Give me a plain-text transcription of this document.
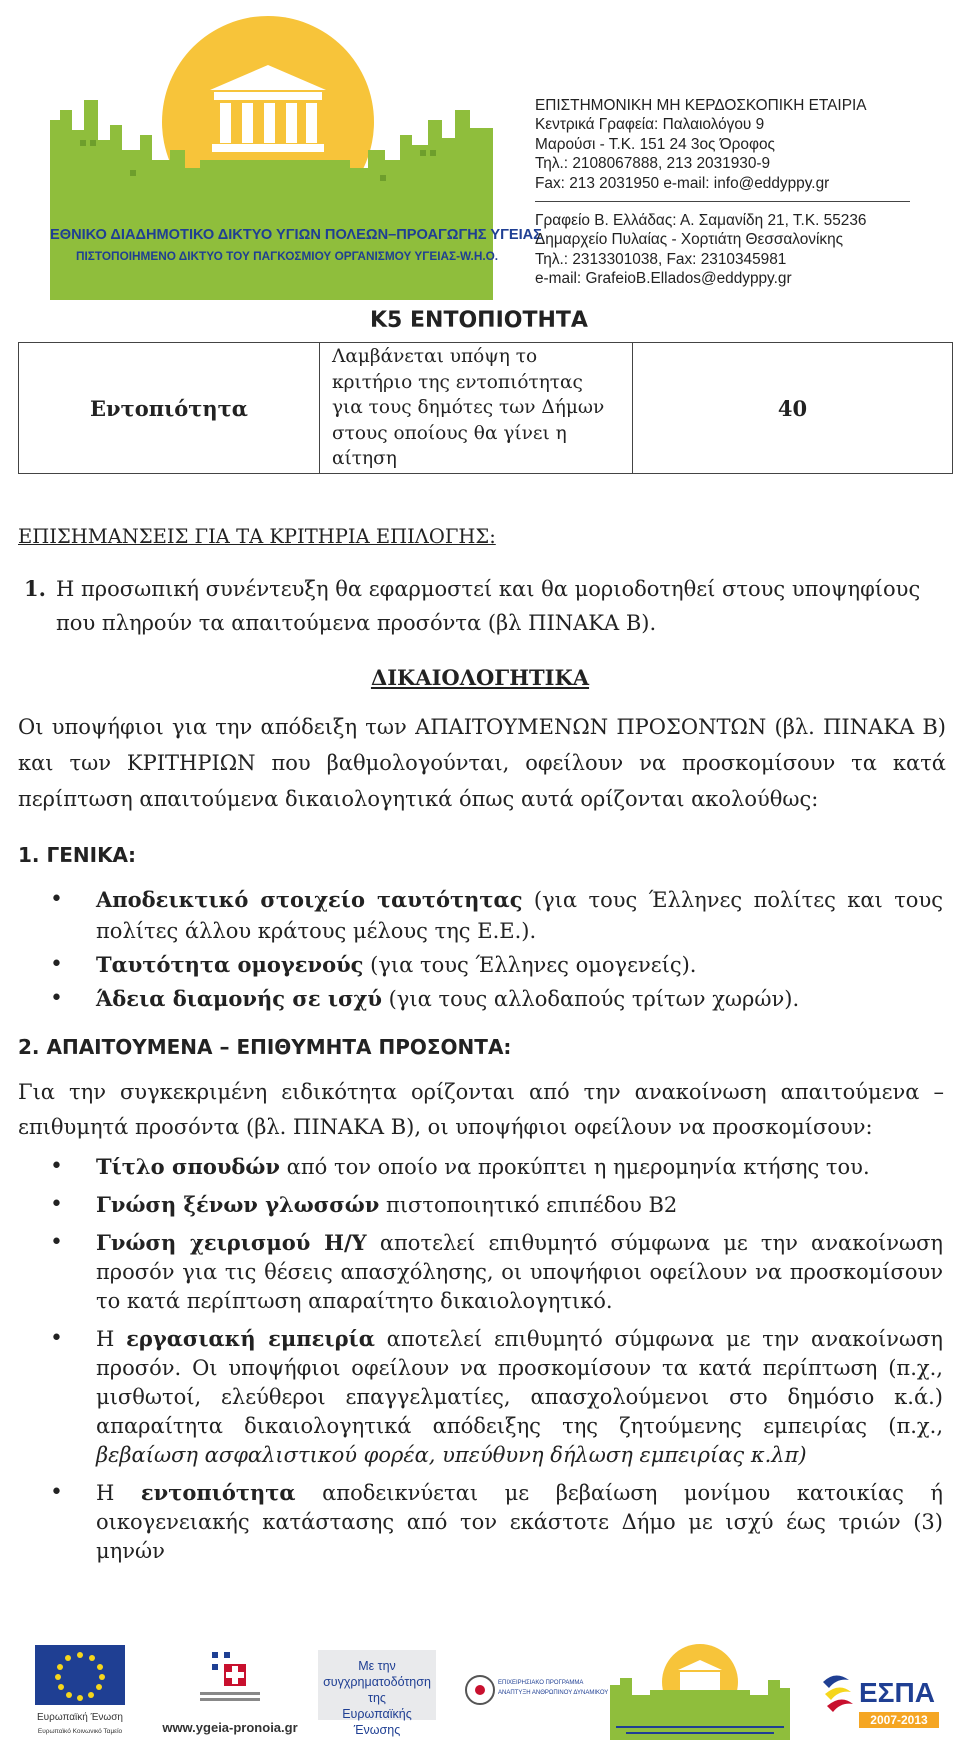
ΕΘΝΙΚΟ ΔΙΑΔΗΜΟΤΙΚΟ ΔΙΚΤΥΟ ΥΓΙΩΝ ΠΟΛΕΩΝ–ΠΡΟΑΓΩΓΗΣ ΥΓΕΙΑΣ
ΠΙΣΤΟΠΟΙΗΜΕΝΟ ΔΙΚΤΥΟ ΤΟΥ ΠΑΓΚΟΣΜΙΟΥ ΟΡΓΑΝΙΣΜΟΥ ΥΓΕΙΑΣ-W.H.O.
ΕΠΙΣΤΗΜΟΝΙΚΗ ΜΗ ΚΕΡΔΟΣΚΟΠΙΚΗ ΕΤΑΙΡΙΑ
Κεντρικά Γραφεία: Παλαιολόγου 9
Μαρούσι - Τ.Κ. 151 24 3ος Όροφος
Τηλ.: 2108067888, 213 2031930-9
Fax: 213 2031950 e-mail: info@eddyppy.gr
Γραφείο Β. Ελλάδας: Α. Σαμανίδη 21, Τ.Κ. 55236
Δημαρχείο Πυλαίας - Χορτιάτη Θεσσαλονίκης
Τηλ.: 2313301038, Fax: 2310345981
e-mail: GrafeioB.Ellados@eddyppy.gr
Κ5 ΕΝΤΟΠΙΟΤΗΤΑ
Εντοπιότητα	
Λαμβάνεται υπόψη το
κριτήριο της εντοπιότητας
για τους δημότες των Δήμων
στους οποίους θα γίνει η
αίτηση
	40
ΕΠΙΣΗΜΑΝΣΕΙΣ ΓΙΑ ΤΑ ΚΡΙΤΗΡΙΑ ΕΠΙΛΟΓΗΣ:
1. Η προσωπική συνέντευξη θα εφαρμοστεί και θα μοριοδοτηθεί στους υποψηφίους που πληρούν τα απαιτούμενα προσόντα (βλ ΠΙΝΑΚΑ Β).

ΔΙΚΑΙΟΛΟΓΗΤΙΚΑ

Οι υποψήφιοι για την απόδειξη των ΑΠΑΙΤΟΥΜΕΝΩΝ ΠΡΟΣΟΝΤΩΝ (βλ. ΠΙΝΑΚΑ Β) και των ΚΡΙΤΗΡΙΩΝ που βαθμολογούνται, οφείλουν να προσκομίσουν τα κατά περίπτωση απαιτούμενα δικαιολογητικά όπως αυτά ορίζονται ακολούθως:

1. ΓΕΝΙΚΑ:
• Αποδεικτικό στοιχείο ταυτότητας (για τους Έλληνες πολίτες και τους πολίτες άλλου κράτους μέλους της Ε.Ε.).
• Ταυτότητα ομογενούς (για τους Έλληνες ομογενείς).
• Άδεια διαμονής σε ισχύ (για τους αλλοδαπούς τρίτων χωρών).
2. ΑΠΑΙΤΟΥΜΕΝΑ – ΕΠΙΘΥΜΗΤΑ ΠΡΟΣΟΝΤΑ:

Για την συγκεκριμένη ειδικότητα ορίζονται από την ανακοίνωση απαιτούμενα – επιθυμητά προσόντα (βλ. ΠΙΝΑΚΑ Β), οι υποψήφιοι οφείλουν να προσκομίσουν:

• Τίτλο σπουδών από τον οποίο να προκύπτει η ημερομηνία κτήσης του.
• Γνώση ξένων γλωσσών πιστοποιητικό επιπέδου Β2
• Γνώση χειρισμού Η/Υ αποτελεί επιθυμητό σύμφωνα με την ανακοίνωση προσόν για τις θέσεις απασχόλησης, οι υποψήφιοι οφείλουν να προσκομίσουν το κατά περίπτωση απαραίτητο δικαιολογητικό.
• Η εργασιακή εμπειρία αποτελεί επιθυμητό σύμφωνα με την ανακοίνωση προσόν. Οι υποψήφιοι οφείλουν να προσκομίσουν τα κατά περίπτωση (π.χ., μισθωτοί, ελεύθεροι επαγγελματίες, απασχολούμενοι στο δημόσιο κ.ά.) απαραίτητα δικαιολογητικά απόδειξης της ζητούμενης εμπειρίας (π.χ., βεβαίωση ασφαλιστικού φορέα, υπεύθυνη δήλωση εμπειρίας κ.λπ)
• Η εντοπιότητα αποδεικνύεται με βεβαίωση μονίμου κατοικίας ή οικογενειακής κατάστασης από τον εκάστοτε Δήμο με ισχύ έως τριών (3) μηνών
Ευρωπαϊκή Ένωση
Ευρωπαϊκό Κοινωνικό Ταμείο	www.ygeia-pronoia.gr
Με την
συγχρηματοδότηση της
Ευρωπαϊκής Ένωσης
ΕΠΙΧΕΙΡΗΣΙΑΚΟ ΠΡΟΓΡΑΜΜΑ
ΑΝΑΠΤΥΞΗ ΑΝΘΡΩΠΙΝΟΥ ΔΥΝΑΜΙΚΟΥ	ΕΣΠΑ
2007-2013
